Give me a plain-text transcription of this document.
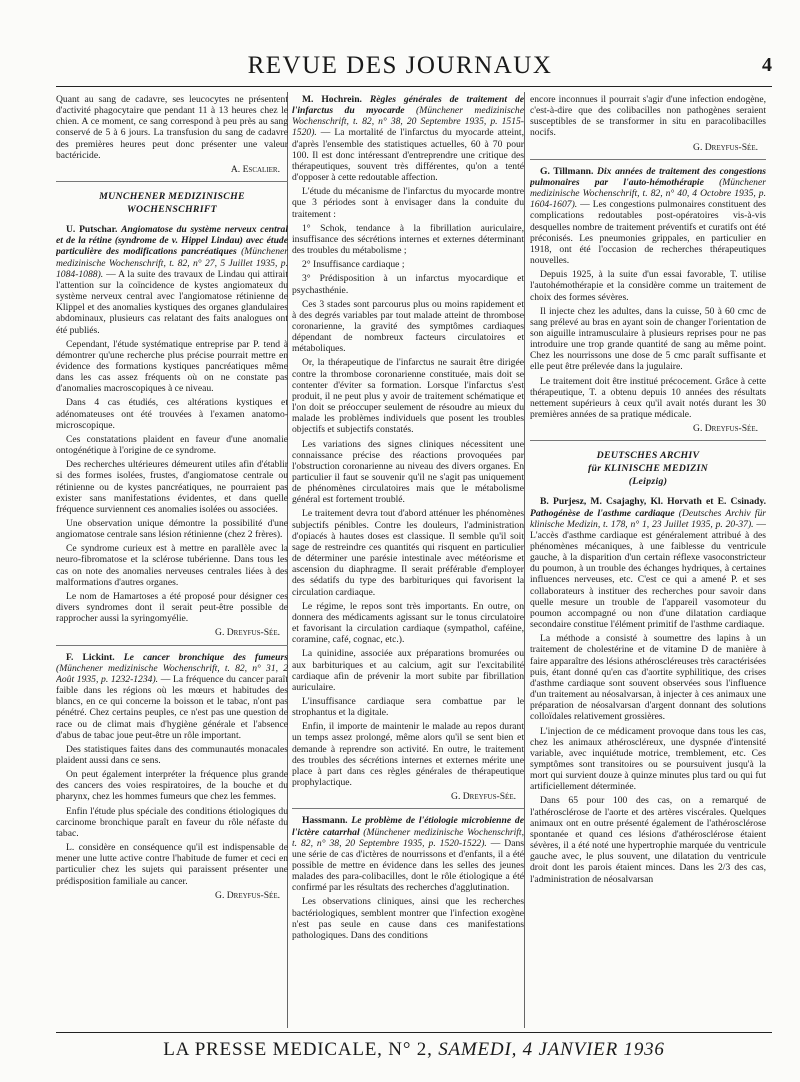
REVUE DES JOURNAUX	4

Quant au sang de cadavre, ses leucocytes ne présentent d'activité phagocytaire que pendant 11 à 13 heures chez le chien. A ce moment, ce sang correspond à peu près au sang conservé de 5 à 6 jours. La transfusion du sang de cadavre des premières heures peut donc présenter une valeur bactéricide.

A. Escalier.

MUNCHENER MEDIZINISCHE
WOCHENSCHRIFT

U. Putschar. Angiomatose du système nerveux central et de la rétine (syndrome de v. Hippel Lindau) avec étude particulière des modifications pancréatiques (Münchener medizinische Wochenschrift, t. 82, n° 27, 5 Juillet 1935, p. 1084-1088). — A la suite des travaux de Lindau qui attirait l'attention sur la coïncidence de kystes angiomateux du système nerveux central avec l'angiomatose rétinienne de Klippel et des anomalies kystiques des organes glandulaires abdominaux, plusieurs cas relatant des faits analogues ont été publiés.

Cependant, l'étude systématique entreprise par P. tend à démontrer qu'une recherche plus précise pourrait mettre en évidence des formations kystiques pancréatiques même dans les cas assez fréquents où on ne constate pas d'anomalies macroscopiques à ce niveau.

Dans 4 cas étudiés, ces altérations kystiques et adénomateuses ont été trouvées à l'examen anatomo-microscopique.

Ces constatations plaident en faveur d'une anomalie ontogénétique à l'origine de ce syndrome.

Des recherches ultérieures démeurent utiles afin d'établir si des formes isolées, frustes, d'angiomatose centrale ou rétinienne ou de kystes pancréatiques, ne pourraient pas exister sans manifestations évidentes, et dans quelle fréquence surviennent ces anomalies isolées ou associées.

Une observation unique démontre la possibilité d'une angiomatose centrale sans lésion rétinienne (chez 2 frères).

Ce syndrome curieux est à mettre en parallèle avec la neuro-fibromatose et la sclérose tubérienne. Dans tous les cas on note des anomalies nerveuses centrales liées à des malformations d'autres organes.

Le nom de Hamartoses a été proposé pour désigner ces divers syndromes dont il serait peut-être possible de rapprocher aussi la syringomyélie.

G. Dreyfus-Sée.

F. Lickint. Le cancer bronchique des fumeurs (Münchener medizinische Wochenschrift, t. 82, n° 31, 2 Août 1935, p. 1232-1234). — La fréquence du cancer paraît faible dans les régions où les mœurs et habitudes des blancs, en ce qui concerne la boisson et le tabac, n'ont pas pénétré. Chez certains peuples, ce n'est pas une question de race ou de climat mais d'hygiène générale et l'absence d'abus de tabac joue peut-être un rôle important.

Des statistiques faites dans des communautés monacales plaident aussi dans ce sens.

On peut également interpréter la fréquence plus grande des cancers des voies respiratoires, de la bouche et du pharynx, chez les hommes fumeurs que chez les femmes.

Enfin l'étude plus spéciale des conditions étiologiques du carcinome bronchique paraît en faveur du rôle néfaste du tabac.

L. considère en conséquence qu'il est indispensable de mener une lutte active contre l'habitude de fumer et ceci en particulier chez les sujets qui paraissent présenter une prédisposition familiale au cancer.

G. Dreyfus-Sée.

M. Hochrein. Règles générales de traitement de l'infarctus du myocarde (Münchener medizinische Wochenschrift, t. 82, n° 38, 20 Septembre 1935, p. 1515-1520). — La mortalité de l'infarctus du myocarde atteint, d'après l'ensemble des statistiques actuelles, 60 à 70 pour 100. Il est donc intéressant d'entreprendre une critique des thérapeutiques, souvent très différentes, qu'on a tenté d'opposer à cette redoutable affection.

L'étude du mécanisme de l'infarctus du myocarde montre que 3 périodes sont à envisager dans la conduite du traitement :

1° Schok, tendance à la fibrillation auriculaire, insuffisance des sécrétions internes et externes déterminant des troubles du métabolisme ;

2° Insuffisance cardiaque ;

3° Prédisposition à un infarctus myocardique et psychasthénie.

Ces 3 stades sont parcourus plus ou moins rapidement et à des degrés variables par tout malade atteint de thrombose coronarienne, la gravité des symptômes cardiaques dépendant de nombreux facteurs circulatoires et métaboliques.

Or, la thérapeutique de l'infarctus ne saurait être dirigée contre la thrombose coronarienne constituée, mais doit se contenter d'éviter sa formation. Lorsque l'infarctus s'est produit, il ne peut plus y avoir de traitement schématique et l'on doit se préoccuper seulement de résoudre au mieux du malade les problèmes individuels que posent les troubles objectifs et subjectifs constatés.

Les variations des signes cliniques nécessitent une connaissance précise des réactions provoquées par l'obstruction coronarienne au niveau des divers organes. En particulier il faut se souvenir qu'il ne s'agit pas uniquement de phénomènes circulatoires mais que le métabolisme général est fortement troublé.

Le traitement devra tout d'abord atténuer les phénomènes subjectifs pénibles. Contre les douleurs, l'administration d'opiacés à hautes doses est classique. Il semble qu'il soit sage de restreindre ces quantités qui risquent en particulier de déterminer une parésie intestinale avec météorisme et ascension du diaphragme. Il serait préférable d'employer des sédatifs du type des barbituriques qui favorisent la circulation cardiaque.

Le régime, le repos sont très importants. En outre, on donnera des médicaments agissant sur le tonus circulatoire et favorisant la circulation cardiaque (sympathol, caféine, coramine, café, cognac, etc.).

La quinidine, associée aux préparations bromurées ou aux barbituriques et au calcium, agit sur l'excitabilité cardiaque afin de prévenir la mort subite par fibrillation auriculaire.

L'insuffisance cardiaque sera combattue par le strophantus et la digitale.

Enfin, il importe de maintenir le malade au repos durant un temps assez prolongé, même alors qu'il se sent bien et demande à reprendre son activité. En outre, le traitement des troubles des sécrétions internes et externes mérite une place à part dans ces règles générales de thérapeutique prophylactique.

G. Dreyfus-Sée.

Hassmann. Le problème de l'étiologie microbienne de l'ictère catarrhal (Münchener medizinische Wochenschrift, t. 82, n° 38, 20 Septembre 1935, p. 1520-1522). — Dans une série de cas d'ictères de nourrissons et d'enfants, il a été possible de mettre en évidence dans les selles des jeunes malades des para-colibacilles, dont le rôle étiologique a été confirmé par les résultats des recherches d'agglutination.

Les observations cliniques, ainsi que les recherches bactériologiques, semblent montrer que l'infection exogène n'est pas seule en cause dans ces manifestations pathologiques. Dans des conditions

encore inconnues il pourrait s'agir d'une infection endogène, c'est-à-dire que des colibacilles non pathogènes seraient susceptibles de se transformer in situ en paracolibacilles nocifs.

G. Dreyfus-Sée.

G. Tillmann. Dix années de traitement des congestions pulmonaires par l'auto-hémothérapie (Münchener medizinische Wochenschrift, t. 82, n° 40, 4 Octobre 1935, p. 1604-1607). — Les congestions pulmonaires constituent des complications redoutables post-opératoires vis-à-vis desquelles nombre de traitement préventifs et curatifs ont été préconisés. Les pneumonies grippales, en particulier en 1918, ont été l'occasion de recherches thérapeutiques nouvelles.

Depuis 1925, à la suite d'un essai favorable, T. utilise l'autohémothérapie et la considère comme un traitement de choix des formes sévères.

Il injecte chez les adultes, dans la cuisse, 50 à 60 cmc de sang prélevé au bras en ayant soin de changer l'orientation de son aiguille intramusculaire à plusieurs reprises pour ne pas introduire une trop grande quantité de sang au même point. Chez les nourrissons une dose de 5 cmc paraît suffisante et elle peut être prélevée dans la jugulaire.

Le traitement doit être institué précocement. Grâce à cette thérapeutique, T. a obtenu depuis 10 années des résultats nettement supérieurs à ceux qu'il avait notés durant les 30 premières années de sa pratique médicale.

G. Dreyfus-Sée.

DEUTSCHES ARCHIV
für KLINISCHE MEDIZIN
(Leipzig)

B. Purjesz, M. Csajaghy, Kl. Horvath et E. Csinady. Pathogénèse de l'asthme cardiaque (Deutsches Archiv für klinische Medizin, t. 178, n° 1, 23 Juillet 1935, p. 20-37). — L'accès d'asthme cardiaque est généralement attribué à des phénomènes mécaniques, à une faiblesse du ventricule gauche, à la disparition d'un certain réflexe vasoconstricteur du poumon, à un trouble des échanges hydriques, à certaines influences nerveuses, etc. C'est ce qui a amené P. et ses collaborateurs à instituer des recherches pour savoir dans quelle mesure un trouble de l'appareil vasomoteur du poumon accompagné ou non d'une dilatation cardiaque secondaire constitue l'élément primitif de l'asthme cardiaque.

La méthode a consisté à soumettre des lapins à un traitement de cholestérine et de vitamine D de manière à faire apparaître des lésions athéroscléreuses très caractérisées puis, étant donné qu'en cas d'aortite syphilitique, des crises d'asthme cardiaque sont souvent observées sous l'influence d'un traitement au néosalvarsan, à injecter à ces animaux une préparation de néosalvarsan d'argent donnant des solutions colloïdales relativement grossières.

L'injection de ce médicament provoque dans tous les cas, chez les animaux athéroscléreux, une dyspnée d'intensité variable, avec inquiétude motrice, tremblement, etc. Ces symptômes sont transitoires ou se poursuivent jusqu'à la mort qui survient douze à quinze minutes plus tard ou qui fut artificiellement déterminée.

Dans 65 pour 100 des cas, on a remarqué de l'athérosclérose de l'aorte et des artères viscérales. Quelques animaux ont en outre présenté également de l'athérosclérose spontanée et quand ces lésions d'athérosclérose étaient sévères, il a été noté une hypertrophie marquée du ventricule gauche avec, le plus souvent, une dilatation du ventricule droit dont les parois étaient minces. Dans les 2/3 des cas, l'administration de néosalvarsan

LA PRESSE MEDICALE, N° 2, SAMEDI, 4 JANVIER 1936
